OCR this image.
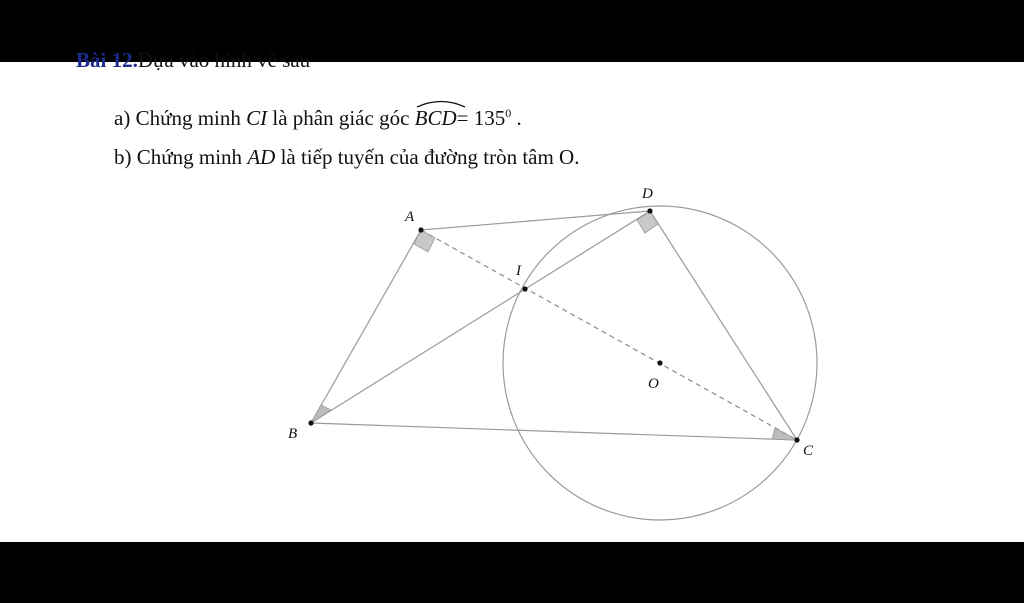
Bài 12.Dựa vào hình vẽ sau
a) Chứng minh CI là phân giác góc $BCD= 135^0$ .
b) Chứng minh AD là tiếp tuyến của đường tròn tâm O.
A
D
B
C
I
O
